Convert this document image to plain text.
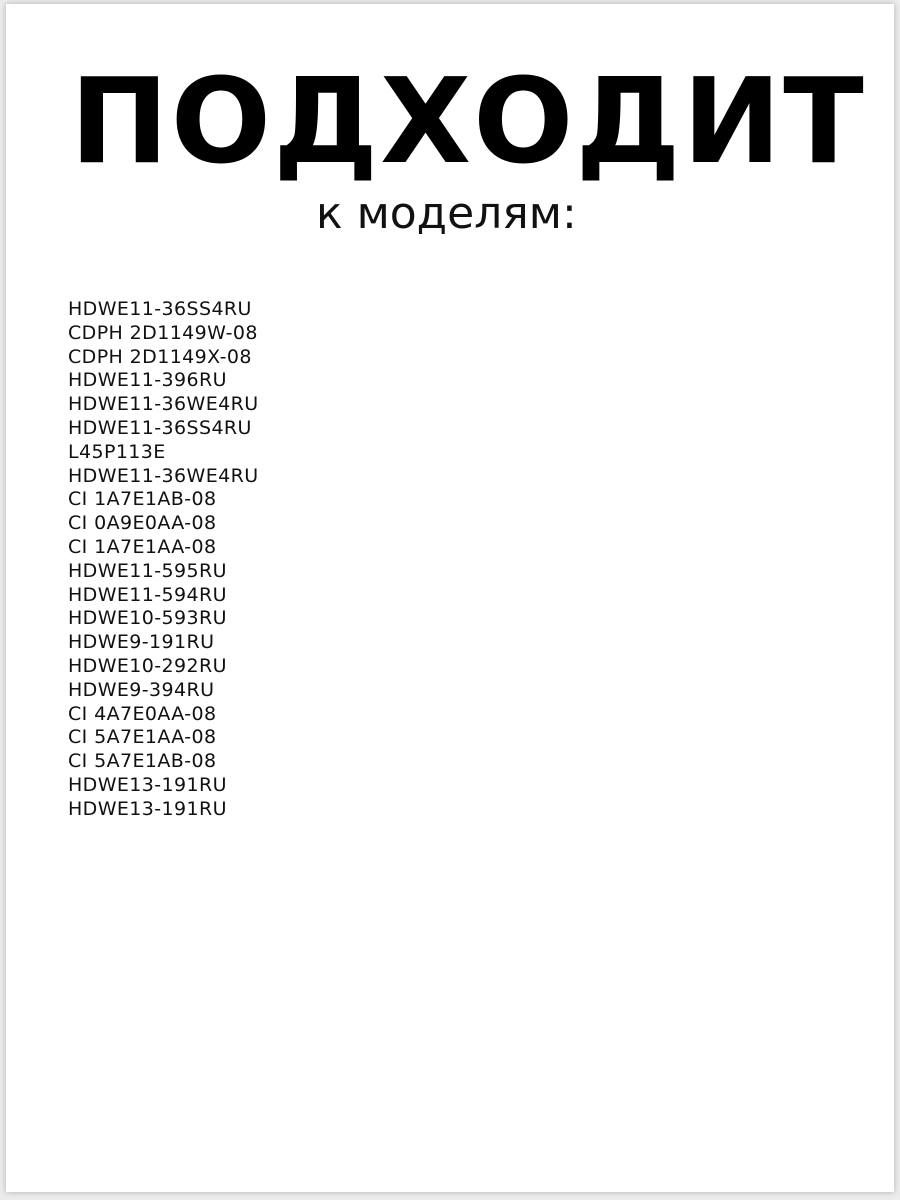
ПОДХОДИТ
к моделям:
HDWE11-36SS4RU
CDPH 2D1149W-08
CDPH 2D1149X-08
HDWE11-396RU
HDWE11-36WE4RU
HDWE11-36SS4RU
L45P113E
HDWE11-36WE4RU
CI 1A7E1AB-08
CI 0A9E0AA-08
CI 1A7E1AA-08
HDWE11-595RU
HDWE11-594RU
HDWE10-593RU
HDWE9-191RU
HDWE10-292RU
HDWE9-394RU
CI 4A7E0AA-08
CI 5A7E1AA-08
CI 5A7E1AB-08
HDWE13-191RU
HDWE13-191RU
